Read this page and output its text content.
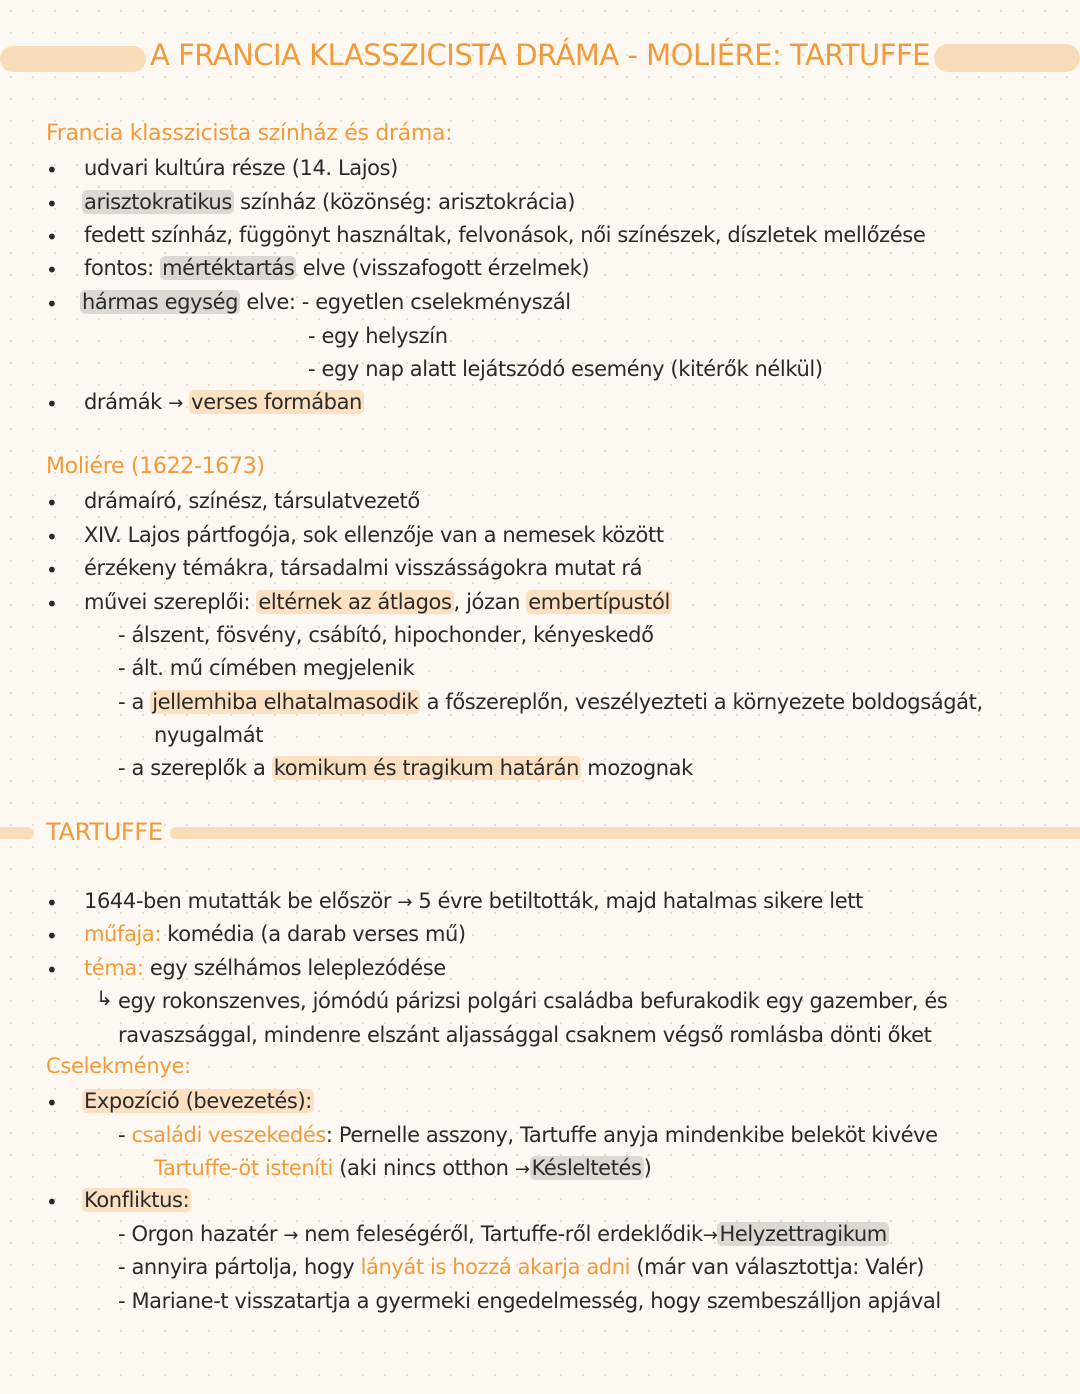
A FRANCIA KLASSZICISTA DRÁMA - MOLIÉRE: TARTUFFE
Francia klasszicista színház és dráma:
• udvari kultúra része (14. Lajos)
• arisztokratikus színház (közönség: arisztokrácia)
• fedett színház, függönyt használtak, felvonások, női színészek, díszletek mellőzése
• fontos: mértéktartás elve (visszafogott érzelmek)
• hármas egység elve: - egyetlen cselekményszál
- egy helyszín
- egy nap alatt lejátszódó esemény (kitérők nélkül)
• drámák → verses formában
Moliére (1622-1673)
• drámaíró, színész, társulatvezető
• XIV. Lajos pártfogója, sok ellenzője van a nemesek között
• érzékeny témákra, társadalmi visszásságokra mutat rá
• művei szereplői: eltérnek az átlagos, józan embertípustól
- álszent, fösvény, csábító, hipochonder, kényeskedő
- ált. mű címében megjelenik
- a jellemhiba elhatalmasodik a főszereplőn, veszélyezteti a környezete boldogságát,
nyugalmát
- a szereplők a komikum és tragikum határán mozognak
TARTUFFE
• 1644-ben mutatták be először → 5 évre betiltották, majd hatalmas sikere lett
• műfaja: komédia (a darab verses mű)
• téma: egy szélhámos leleplezódése
↳ egy rokonszenves, jómódú párizsi polgári családba befurakodik egy gazember, és
ravaszsággal, mindenre elszánt aljassággal csaknem végső romlásba dönti őket
Cselekménye:
• Expozíció (bevezetés):
- családi veszekedés: Pernelle asszony, Tartuffe anyja mindenkibe beleköt kivéve
Tartuffe-öt isteníti (aki nincs otthon →Késleltetés)
• Konfliktus:
- Orgon hazatér → nem feleségéről, Tartuffe-ről erdeklődik→Helyzettragikum
- annyira pártolja, hogy lányát is hozzá akarja adni (már van választottja: Valér)
- Mariane-t visszatartja a gyermeki engedelmesség, hogy szembeszálljon apjával
